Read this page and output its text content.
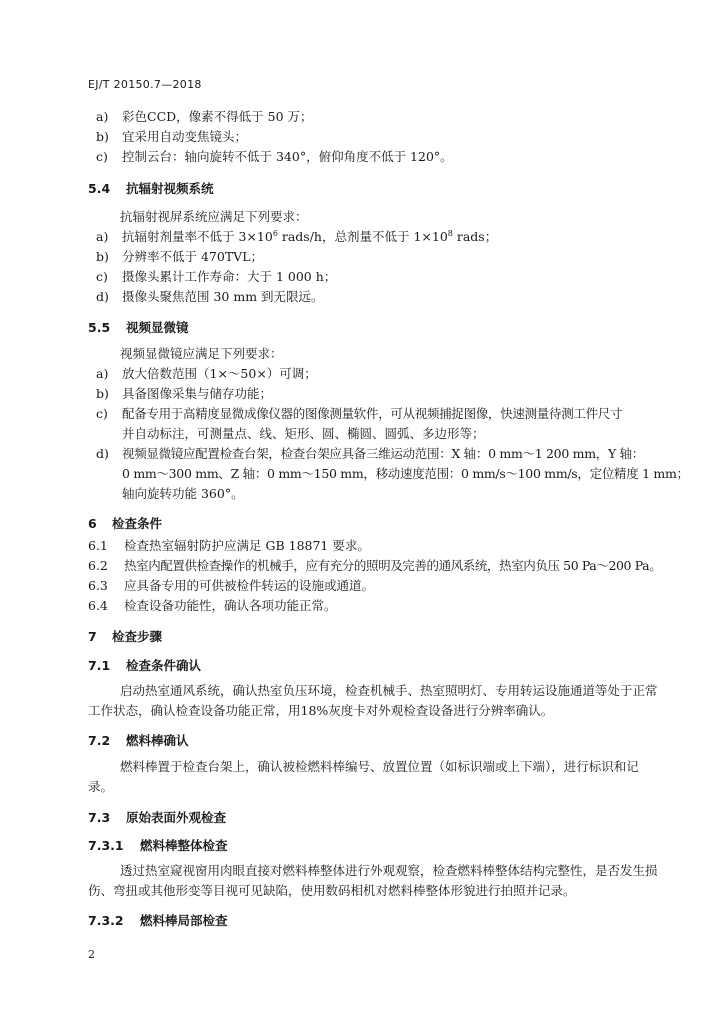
EJ/T 20150.7—2018
a) 彩色CCD，像素不得低于 50 万；
b) 宜采用自动变焦镜头；
c) 控制云台：轴向旋转不低于 340°，俯仰角度不低于 120°。
5.4 抗辐射视频系统
抗辐射视屏系统应满足下列要求：
a) 抗辐射剂量率不低于 $3\times 10^6$ rads/h，总剂量不低于 $1\times 10^8$ rads；
b) 分辨率不低于 470TVL；
c) 摄像头累计工作寿命：大于 1 000 h；
d) 摄像头聚焦范围 30 mm 到无限远。
5.5 视频显微镜
视频显微镜应满足下列要求：
a) 放大倍数范围（1×～50×）可调；
b) 具备图像采集与储存功能；
c) 配备专用于高精度显微成像仪器的图像测量软件，可从视频捕捉图像，快速测量待测工件尺寸
并自动标注，可测量点、线、矩形、圆、椭圆、圆弧、多边形等；
d) 视频显微镜应配置检查台架，检查台架应具备三维运动范围：X 轴：0 mm～1 200 mm，Y 轴：
0 mm～300 mm、Z 轴：0 mm～150 mm，移动速度范围：0 mm/s～100 mm/s，定位精度 1 mm；
轴向旋转功能 360°。
6 检查条件
6.1 检查热室辐射防护应满足 GB 18871 要求。
6.2 热室内配置供检查操作的机械手，应有充分的照明及完善的通风系统，热室内负压 50 Pa～200 Pa。
6.3 应具备专用的可供被检件转运的设施或通道。
6.4 检查设备功能性，确认各项功能正常。
7 检查步骤
7.1 检查条件确认
启动热室通风系统，确认热室负压环境，检查机械手、热室照明灯、专用转运设施通道等处于正常
工作状态，确认检查设备功能正常，用18%灰度卡对外观检查设备进行分辨率确认。
7.2 燃料棒确认
燃料棒置于检查台架上，确认被检燃料棒编号、放置位置（如标识端或上下端），进行标识和记
录。
7.3 原始表面外观检查
7.3.1 燃料棒整体检查
透过热室窥视窗用肉眼直接对燃料棒整体进行外观观察，检查燃料棒整体结构完整性，是否发生损
伤、弯扭或其他形变等目视可见缺陷，使用数码相机对燃料棒整体形貌进行拍照并记录。
7.3.2 燃料棒局部检查
2
